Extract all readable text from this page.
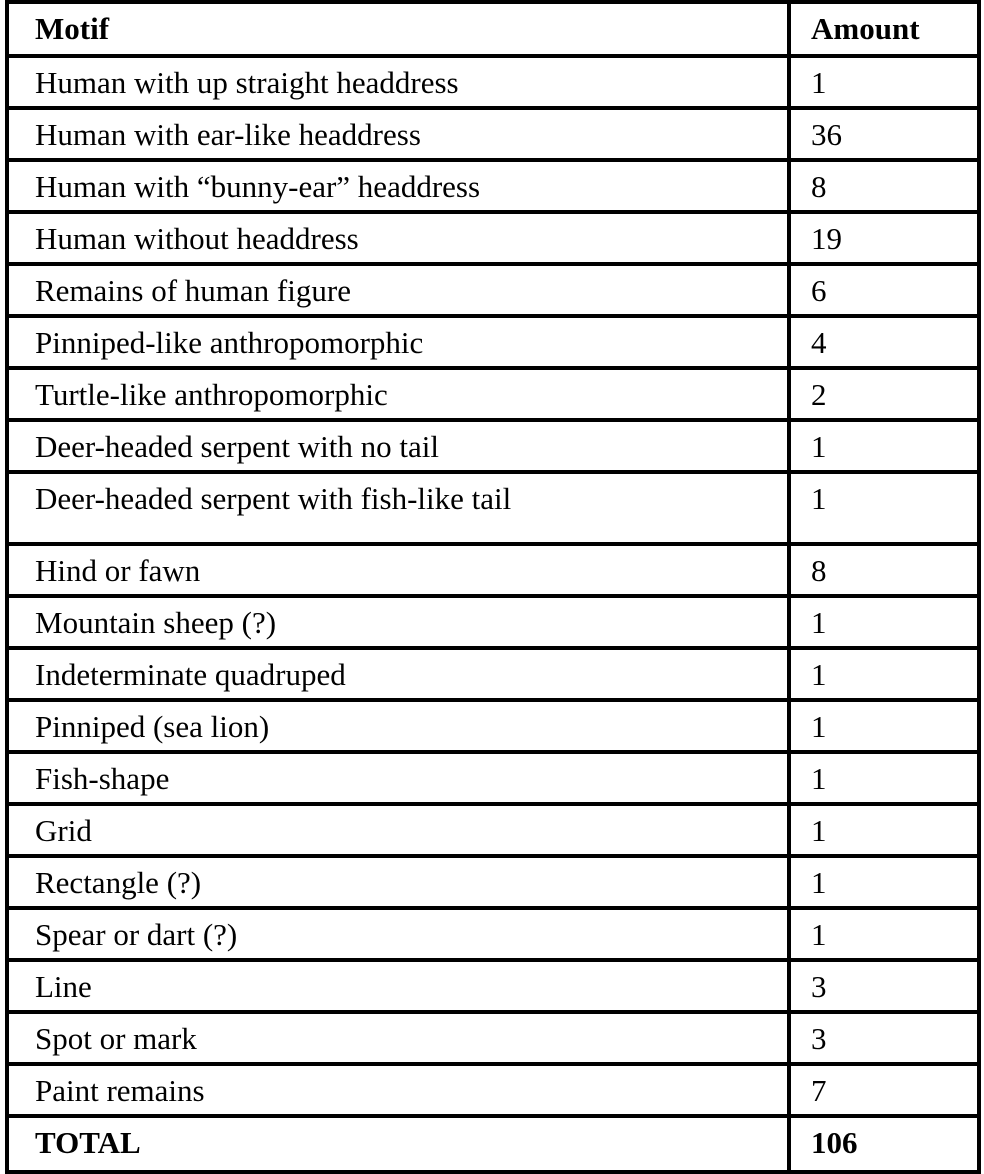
Motif	Amount
Human with up straight headdress	1
Human with ear-like headdress	36
Human with “bunny-ear” headdress	8
Human without headdress	19
Remains of human figure	6
Pinniped-like anthropomorphic	4
Turtle-like anthropomorphic	2
Deer-headed serpent with no tail	1
Deer-headed serpent with fish-like tail	1
Hind or fawn	8
Mountain sheep (?)	1
Indeterminate quadruped	1
Pinniped (sea lion)	1
Fish-shape	1
Grid	1
Rectangle (?)	1
Spear or dart (?)	1
Line	3
Spot or mark	3
Paint remains	7
TOTAL	106
